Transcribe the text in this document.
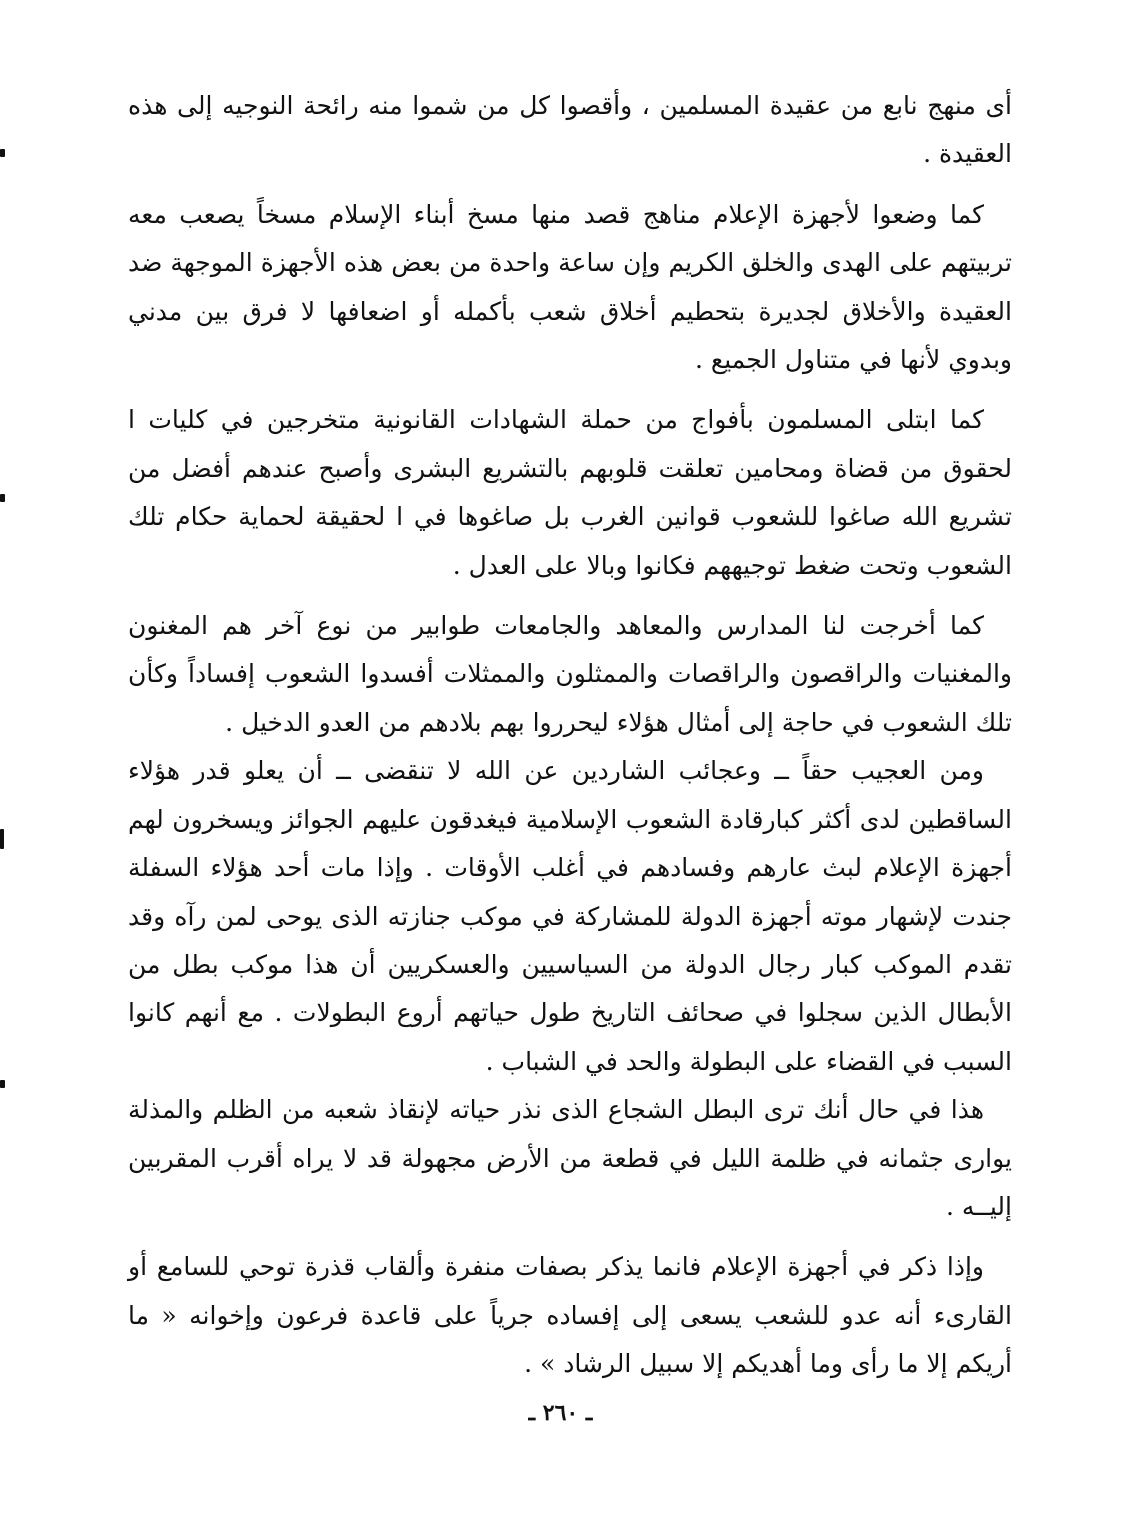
أى منهج نابع من عقيدة المسلمين ، وأقصوا كل من شموا منه رائحة النوجيه إلى هذه العقيدة .

كما وضعوا لأجهزة الإعلام مناهج قصد منها مسخ أبناء الإسلام مسخاً يصعب معه تربيتهم على الهدى والخلق الكريم وإن ساعة واحدة من بعض هذه الأجهزة الموجهة ضد العقيدة والأخلاق لجديرة بتحطيم أخلاق شعب بأكمله أو اضعافها لا فرق بين مدني وبدوي لأنها في متناول الجميع .

كما ابتلى المسلمون بأفواج من حملة الشهادات القانونية متخرجين في كليات ا لحقوق من قضاة ومحامين تعلقت قلوبهم بالتشريع البشرى وأصبح عندهم أفضل من تشريع الله صاغوا للشعوب قوانين الغرب بل صاغوها في ا لحقيقة لحماية حكام تلك الشعوب وتحت ضغط توجيههم فكانوا وبالا على العدل .

كما أخرجت لنا المدارس والمعاهد والجامعات طوابير من نوع آخر هم المغنون والمغنيات والراقصون والراقصات والممثلون والممثلات أفسدوا الشعوب إفساداً وكأن تلك الشعوب في حاجة إلى أمثال هؤلاء ليحرروا بهم بلادهم من العدو الدخيل .

ومن العجيب حقاً ــ وعجائب الشاردين عن الله لا تنقضى ــ أن يعلو قدر هؤلاء الساقطين لدى أكثر كبارقادة الشعوب الإسلامية فيغدقون عليهم الجوائز ويسخرون لهم أجهزة الإعلام لبث عارهم وفسادهم في أغلب الأوقات . وإذا مات أحد هؤلاء السفلة جندت لإشهار موته أجهزة الدولة للمشاركة في موكب جنازته الذى يوحى لمن رآه وقد تقدم الموكب كبار رجال الدولة من السياسيين والعسكريين أن هذا موكب بطل من الأبطال الذين سجلوا في صحائف التاريخ طول حياتهم أروع البطولات . مع أنهم كانوا السبب في القضاء على البطولة والحد في الشباب .

هذا في حال أنك ترى البطل الشجاع الذى نذر حياته لإنقاذ شعبه من الظلم والمذلة يوارى جثمانه في ظلمة الليل في قطعة من الأرض مجهولة قد لا يراه أقرب المقربين إليــه .

وإذا ذكر في أجهزة الإعلام فانما يذكر بصفات منفرة وألقاب قذرة توحي للسامع أو القارىء أنه عدو للشعب يسعى إلى إفساده جرياً على قاعدة فرعون وإخوانه « ما أريكم إلا ما رأى وما أهديكم إلا سبيل الرشاد » .

ـ ٢٦٠ ـ
